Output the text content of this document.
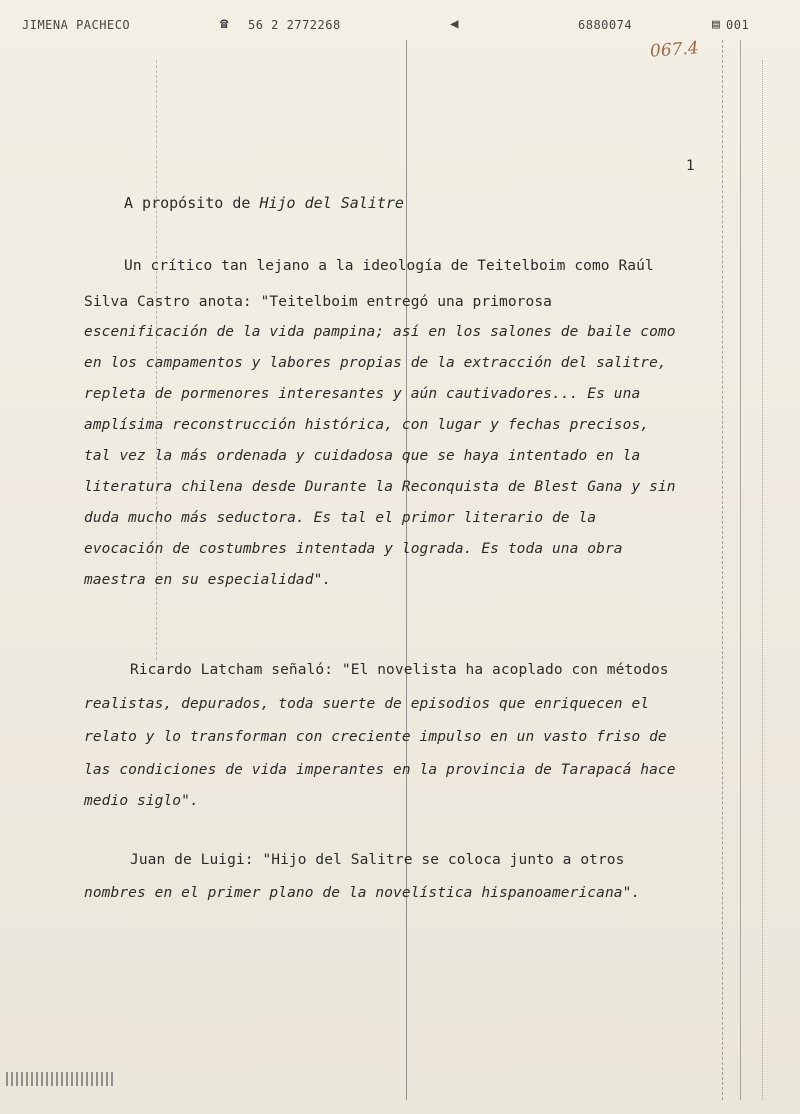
JIMENA PACHECO	☎ 56 2 2772268	◀	6880074	▤ 001
067.4
1
A propósito de Hijo del Salitre
Un crítico tan lejano a la ideología de Teitelboim como Raúl
Silva Castro anota: "Teitelboim entregó una primorosa
escenificación de la vida pampina; así en los salones de baile como
en los campamentos y labores propias de la extracción del salitre,
repleta de pormenores interesantes y aún cautivadores... Es una
amplísima reconstrucción histórica, con lugar y fechas precisos,
tal vez la más ordenada y cuidadosa que se haya intentado en la
literatura chilena desde Durante la Reconquista de Blest Gana y sin
duda mucho más seductora. Es tal el primor literario de la
evocación de costumbres intentada y lograda. Es toda una obra
maestra en su especialidad".
Ricardo Latcham señaló: "El novelista ha acoplado con métodos
realistas, depurados, toda suerte de episodios que enriquecen el
relato y lo transforman con creciente impulso en un vasto friso de
las condiciones de vida imperantes en la provincia de Tarapacá hace
medio siglo".
Juan de Luigi: "Hijo del Salitre se coloca junto a otros
nombres en el primer plano de la novelística hispanoamericana".
